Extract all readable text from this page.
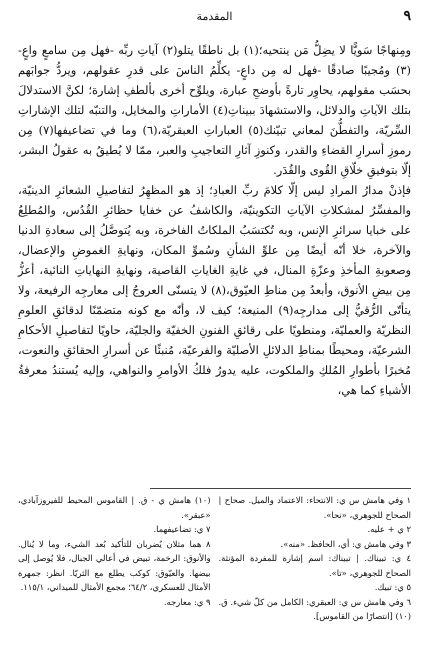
٩
المقدمة

ومِنهاجًا سَويًّا لا يضِلُّ مَن ينتحيه؛(١) بل ناطقًا يتلو(٢) آياتِ ربِّه -فهل مِن سامعٍ واعٍ-(٣) ومُجيبًا صادقًا -فهل له مِن داعٍ- يكلِّمُ الناسَ على قدرِ عقولهم، ويردُّ جوابَهم بحسَب مقولهم، يحاوِر تارةً بأوضحِ عبارة، ويلوِّح أخرى بألطفِ إشارة؛ لكنَّ الاستدلالَ بتلك الآياتِ والدلائل، والاستشهادَ ببيناتِ(٤) الأماراتِ والمخايل، والتنبّه لتلك الإشاراتِ السِّريّة، والتفطُّنَ لمعاني تبيّنك(٥) العباراتِ العبقريّة،(٦) وما في تضاعيفها(٧) مِن رموزِ أسرارِ القضاءِ والقدر، وكنوزِ آثارِ التعاجيبِ والعبر، ممّا لا يُطيقُ به عقولُ البشر، إلّا بتوفيقِ خلّاقِ القُوى والقُدَر.

فإذنْ مدارُ المرادِ ليس إلّا كلامَ ربِّ العبادِ؛ إذ هو المظهِرُ لتفاصيلِ الشعائرِ الدينيّة، والمفسِّرُ لمشكلاتِ الآياتِ التكوينيّة، والكاشفُ عن خفايا حظائرِ القُدُس، والمُطلِعُ على خبايا سرائرِ الإنس، وبه تُكتسَبُ الملكاتُ الفاخرة، وبه يُتوصَّلُ إلى سعادةِ الدنيا والآخرة، خلا أنّه أيضًا مِن علوِّ الشأنِ وسُموِّ المكان، ونهايةِ الغموضِ والإعضال، وصعوبةِ المأخذِ وعزّةِ المنال، في غايةِ الغاياتِ القاصية، ونهايةِ النهاياتِ النائية، أعزُّ مِن بيضِ الأنوق، وأبعدُ مِن مناطِ العيّوق،(٨) لا يتسنّى العروجُ إلى معارجِه الرفيعة، ولا يتأتّى الرُّقيُّ إلى مدارجِه(٩) المنيعة؛ كيف لا، وأنّه مع كونه متضمّنًا لدقائقِ العلومِ النظريّة والعمليّة، ومنطويًا على رقائقِ الفنونِ الخفيّة والجليّة، حاويًا لتفاصيلِ الأحكامِ الشرعيّة، ومحيطًا بمناطِ الدلائلِ الأصليّة والفرعيّة، مُنبئًا عن أسرارِ الحقائقِ والنعوت، مُخبرًا بأطوارِ المُلكِ والملكوت، عليه يدورُ فلكُ الأوامرِ والنواهي، وإليه يُستندُ معرفةُ الأشياءِ كما هي،

١ وفي هامش س ي: الانتحاء: الاعتماد والميل. صحاح | الصحاح للجوهري، «نحا».

٢ ي + عليه.

٣ وفي هامش ي: أي، الحافظ. «منه».

٤ ي: تبيناك. | تبيناك: اسم إشارة للمفردة المؤنثة. الصحاح للجوهري، «تا».

٥ ي: تبيك.

٦ وفي هامش س ي: العبقري: الكامل من كلّ شيء. ق.(١٠) [انتصارًا من القاموس].

(١٠) هامش ي - ق. | القاموس المحيط للفيروزآبادي، «عبقر».

٧ ي: تضاعيفهما.

٨ هما مثلان يُضربان للتأكيد بُعد الشيء، وما لا يُنال. والأنوق: الرخمة، تبيض في أعالي الجبال، فلا يُوصل إلى بيضها. والعيّوق: كوكب يطلع مع الثريّا. انظر: جمهرة الأمثال للعسكري، ٦٤/٢؛ مجمع الأمثال للميداني، ١١٥/١.

٩ ي: معارجه.
